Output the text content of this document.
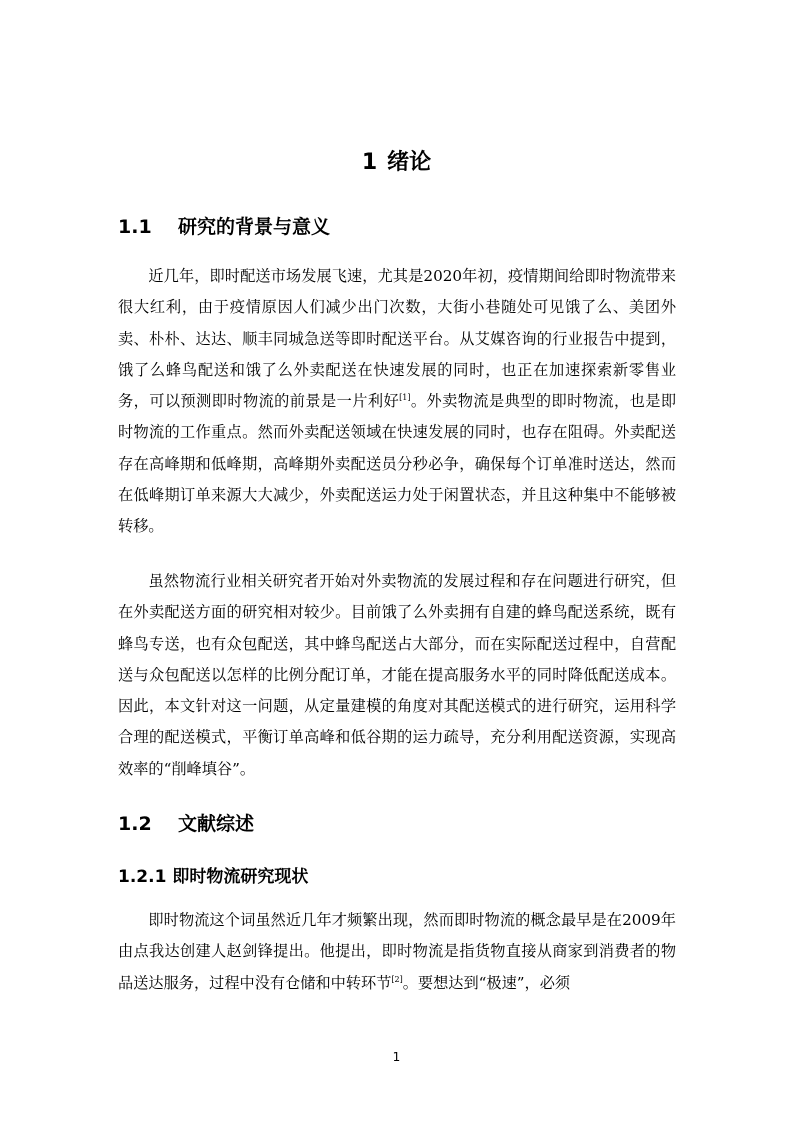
1 绪论
1.1 研究的背景与意义

近几年，即时配送市场发展飞速，尤其是2020年初，疫情期间给即时物流带来很大红利，由于疫情原因人们减少出门次数，大街小巷随处可见饿了么、美团外卖、朴朴、达达、顺丰同城急送等即时配送平台。从艾媒咨询的行业报告中提到，饿了么蜂鸟配送和饿了么外卖配送在快速发展的同时，也正在加速探索新零售业务，可以预测即时物流的前景是一片利好[1]。外卖物流是典型的即时物流，也是即时物流的工作重点。然而外卖配送领域在快速发展的同时，也存在阻碍。外卖配送存在高峰期和低峰期，高峰期外卖配送员分秒必争，确保每个订单准时送达，然而在低峰期订单来源大大减少，外卖配送运力处于闲置状态，并且这种集中不能够被转移。

虽然物流行业相关研究者开始对外卖物流的发展过程和存在问题进行研究，但在外卖配送方面的研究相对较少。目前饿了么外卖拥有自建的蜂鸟配送系统，既有蜂鸟专送，也有众包配送，其中蜂鸟配送占大部分，而在实际配送过程中，自营配送与众包配送以怎样的比例分配订单，才能在提高服务水平的同时降低配送成本。因此，本文针对这一问题，从定量建模的角度对其配送模式的进行研究，运用科学合理的配送模式，平衡订单高峰和低谷期的运力疏导，充分利用配送资源，实现高效率的“削峰填谷”。

1.2 文献综述
1.2.1 即时物流研究现状

即时物流这个词虽然近几年才频繁出现，然而即时物流的概念最早是在2009年由点我达创建人赵剑锋提出。他提出，即时物流是指货物直接从商家到消费者的物品送达服务，过程中没有仓储和中转环节[2]。要想达到“极速”，必须

1
